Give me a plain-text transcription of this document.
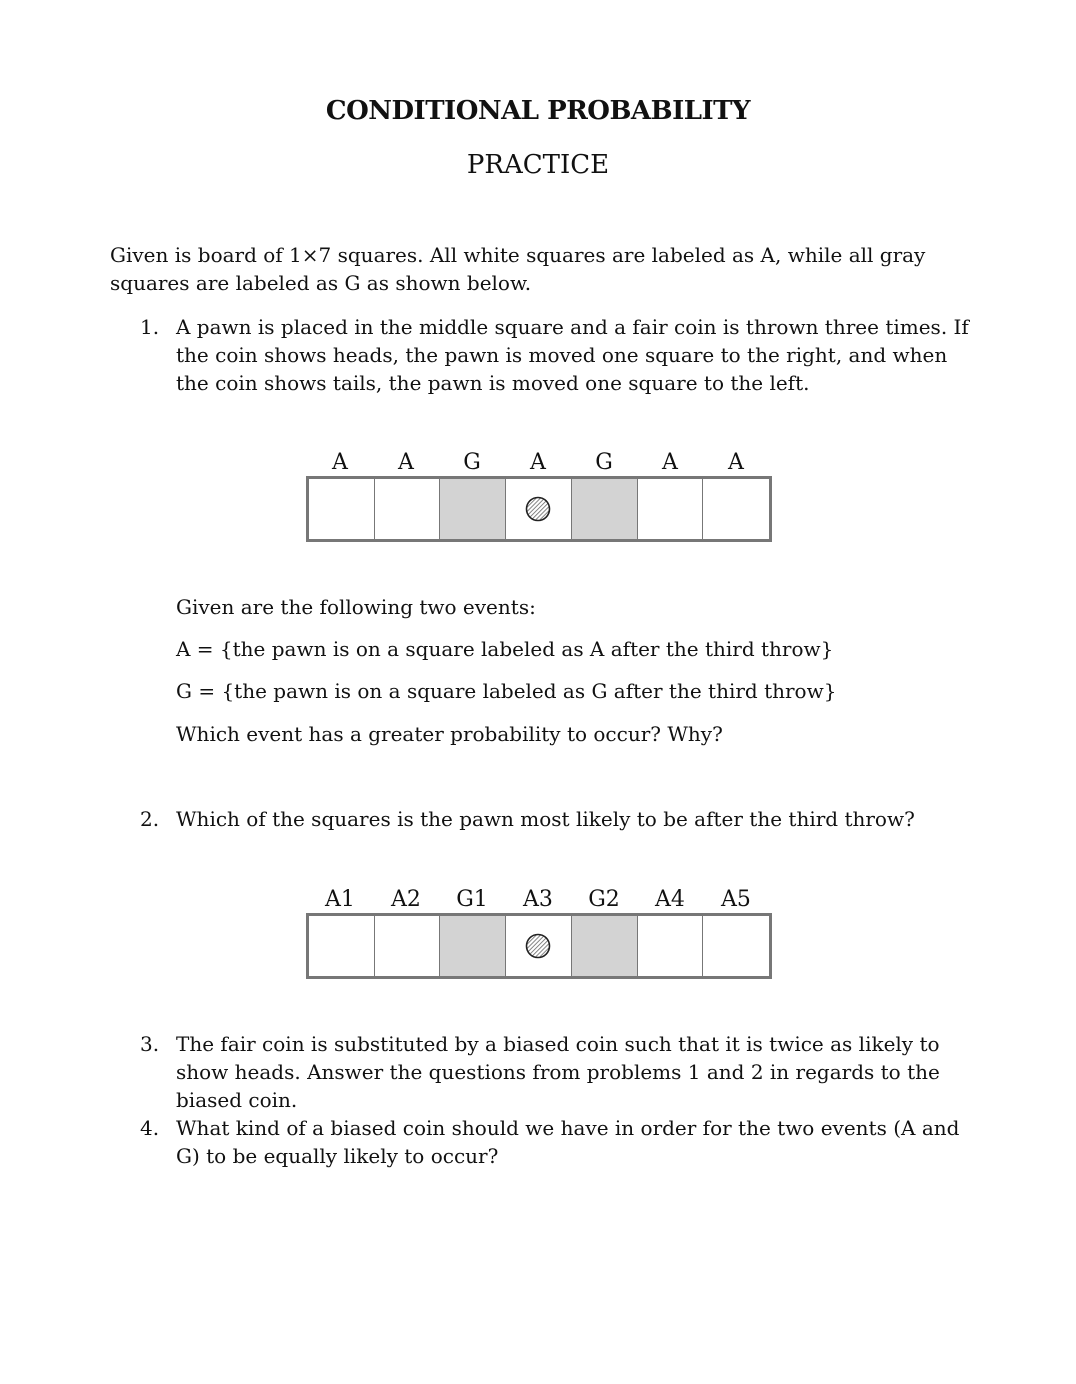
CONDITIONAL PROBABILITY
PRACTICE

Given is board of 1×7 squares. All white squares are labeled as A, while all gray squares are labeled as G as shown below.

1. A pawn is placed in the middle square and a fair coin is thrown three times. If the coin shows heads, the pawn is moved one square to the right, and when the coin shows tails, the pawn is moved one square to the left.

A	A	G	A	G	A	A

Given are the following two events:

A = {the pawn is on a square labeled as A after the third throw}

G = {the pawn is on a square labeled as G after the third throw}

Which event has a greater probability to occur? Why?

2. Which of the squares is the pawn most likely to be after the third throw?

A1	A2	G1	A3	G2	A4	A5
3. The fair coin is substituted by a biased coin such that it is twice as likely to show heads. Answer the questions from problems 1 and 2 in regards to the biased coin.

4. What kind of a biased coin should we have in order for the two events (A and G) to be equally likely to occur?
